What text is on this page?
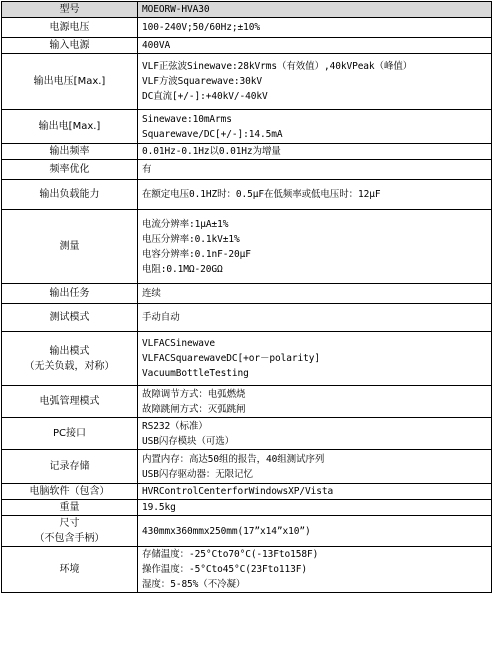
型号	MOEORW-HVA30

电源电压	100-240V;50/60Hz;±10%

输入电源	400VA

输出电压[Max.]	VLF正弦波Sinewave:28kVrms（有效值）,40kVPeak（峰值）
VLF方波Squarewave:30kV
DC直流[+/-]:+40kV/-40kV

输出电[Max.]	Sinewave:10mArms
Squarewave/DC[+/-]:14.5mA

输出频率	0.01Hz-0.1Hz以0.01Hz为增量

频率优化	有

输出负载能力	在额定电压0.1HZ时：0.5μF在低频率或低电压时：12μF

测量	电流分辨率:1μA±1%
电压分辨率:0.1kV±1%
电容分辨率:0.1nF-20μF
电阻:0.1MΩ-20GΩ

输出任务	连续

测试模式	手动自动

输出模式
（无关负载，对称）	VLFACSinewave
VLFACSquarewaveDC[+or－polarity]
VacuumBottleTesting

电弧管理模式	故障调节方式：电弧燃烧
故障跳闸方式：灭弧跳闸

PC接口	RS232（标准）
USB闪存模块（可选）

记录存储	内置内存：高达50组的报告，40组测试序列
USB闪存驱动器：无限记忆

电脑软件（包含）	HVRControlCenterforWindowsXP/Vista

重量	19.5kg

尺寸
（不包含手柄）	430mmx360mmx250mm(17”x14”x10”)

环境	存储温度：-25°Cto70°C(-13Fto158F)
操作温度：-5°Cto45°C(23Fto113F)
湿度：5-85%（不冷凝）
